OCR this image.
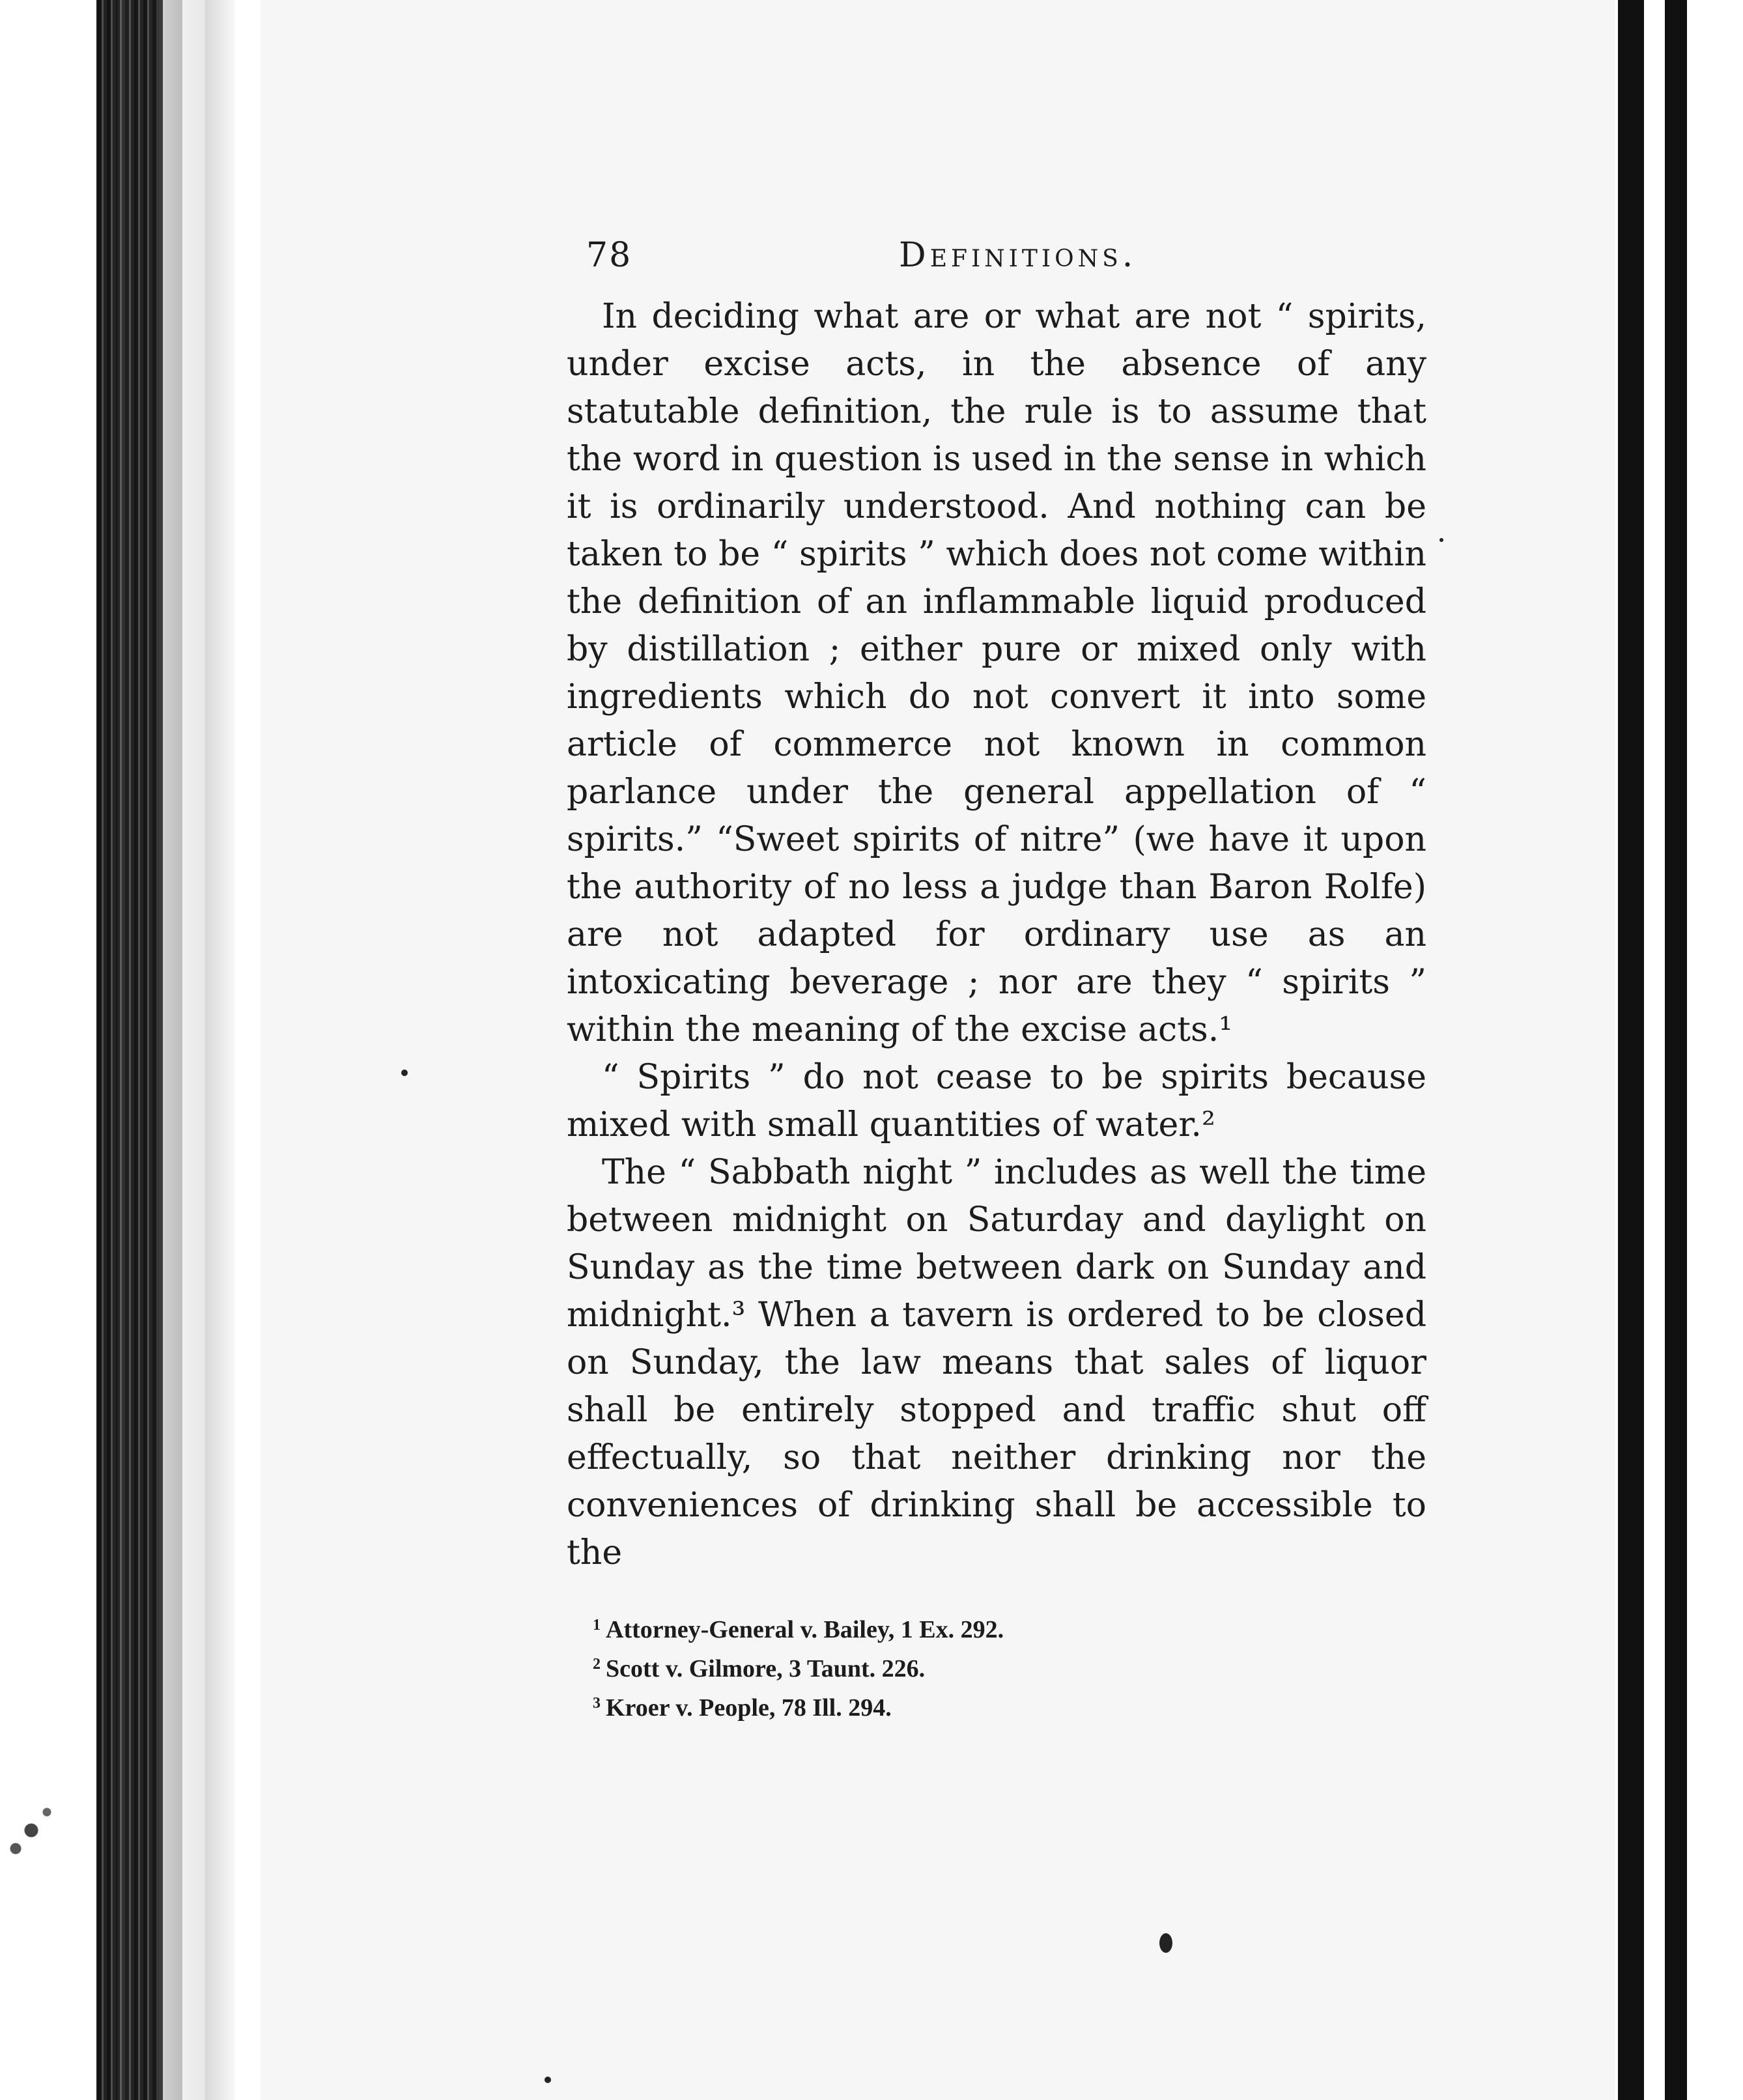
78	Definitions.

In deciding what are or what are not “ spirits, under excise acts, in the absence of any statutable definition, the rule is to assume that the word in question is used in the sense in which it is ordinarily understood. And nothing can be taken to be “ spirits ” which does not come within the definition of an inflammable liquid produced by distillation ; either pure or mixed only with ingredients which do not convert it into some article of commerce not known in common parlance under the general appellation of “ spirits.” “Sweet spirits of nitre” (we have it upon the authority of no less a judge than Baron Rolfe) are not adapted for ordinary use as an intoxicating beverage ; nor are they “ spirits ” within the meaning of the excise acts.¹

“ Spirits ” do not cease to be spirits because mixed with small quantities of water.²

The “ Sabbath night ” includes as well the time between midnight on Saturday and daylight on Sunday as the time between dark on Sunday and midnight.³ When a tavern is ordered to be closed on Sunday, the law means that sales of liquor shall be entirely stopped and traffic shut off effectually, so that neither drinking nor the conveniences of drinking shall be accessible to the

$^1$ Attorney-General v. Bailey, 1 Ex. 292.
$^2$ Scott v. Gilmore, 3 Taunt. 226.
$^3$ Kroer v. People, 78 Ill. 294.
